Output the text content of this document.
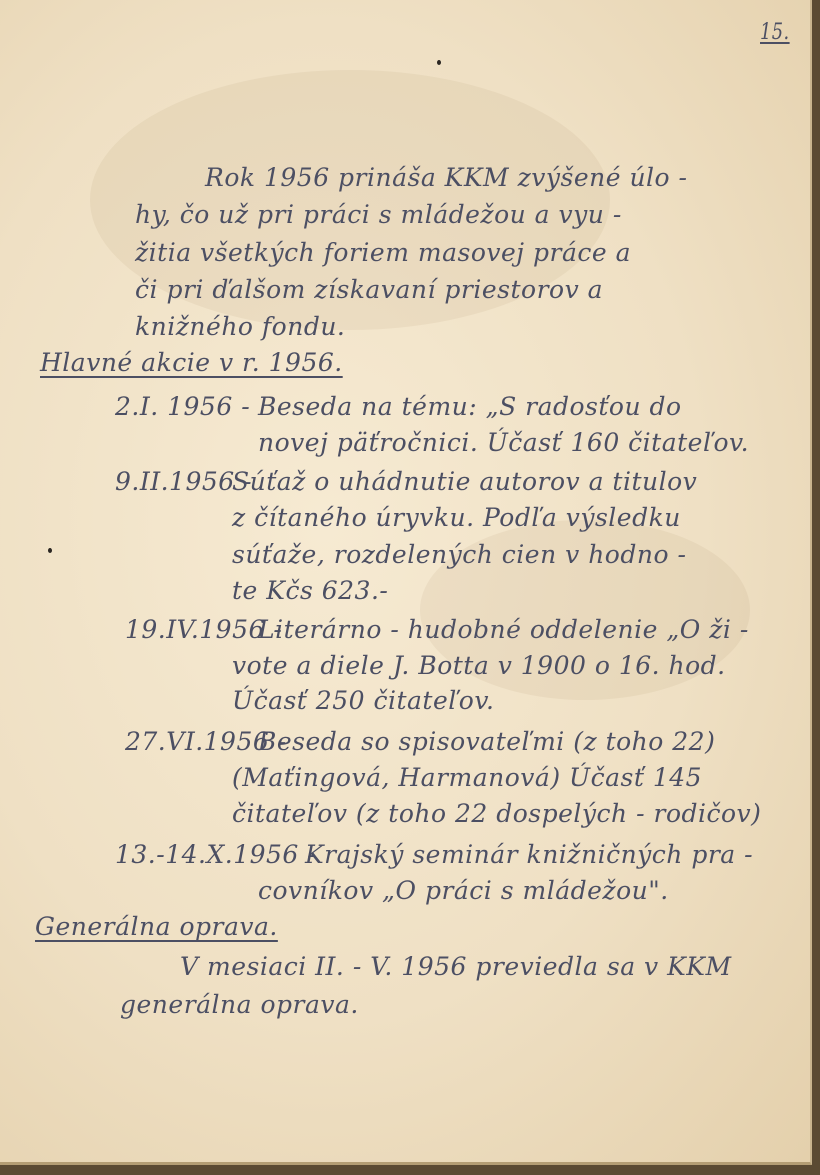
15.
Rok 1956 prináša KKM zvýšené úlo -
hy, čo už pri práci s mládežou a vyu -
žitia všetkých foriem masovej práce a
či pri ďalšom získavaní priestorov a
knižného fondu.
Hlavné akcie v r. 1956.
2.I. 1956 - Beseda na tému: „S radosťou do
novej päťročnici. Účasť 160 čitateľov.
9.II.1956 -
Súťaž o uhádnutie autorov a titulov
z čítaného úryvku. Podľa výsledku
súťaže, rozdelených cien v hodno -
te Kčs 623.-
19.IV.1956 -
Literárno - hudobné oddelenie „O ži -
vote a diele J. Botta v 1900 o 16. hod.
Účasť 250 čitateľov.
27.VI.1956 -
Beseda so spisovateľmi (z toho 22)
(Maťingová, Harmanová) Účasť 145
čitateľov (z toho 22 dospelých - rodičov)
13.-14.X.1956 -
Krajský seminár knižničných pra -
covníkov „O práci s mládežou".
Generálna oprava.
V mesiaci II. - V. 1956 previedla sa v KKM
generálna oprava.
